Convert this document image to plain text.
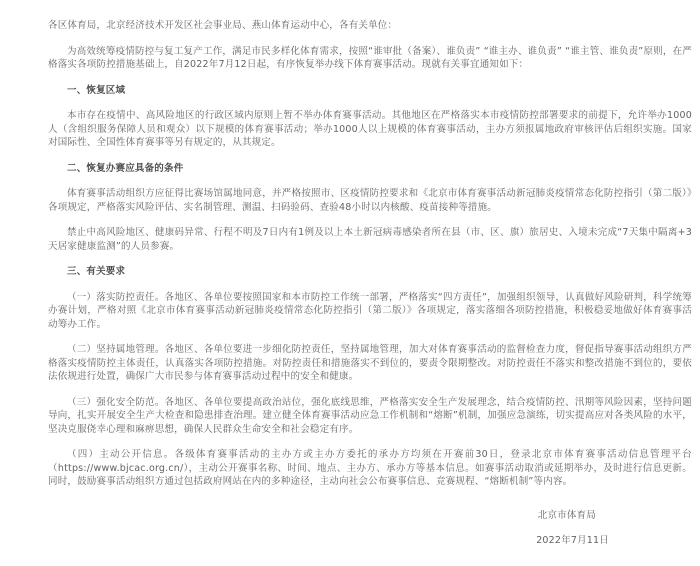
各区体育局，北京经济技术开发区社会事业局、燕山体育运动中心，各有关单位：

为高效统筹疫情防控与复工复产工作，满足市民多样化体育需求，按照“谁审批（备案）、谁负责” “谁主办、谁负责” “谁主管、谁负责”原则，在严格落实各项防控措施基础上，自2022年7月12日起，有序恢复举办线下体育赛事活动。现就有关事宜通知如下：

一、恢复区域

本市存在疫情中、高风险地区的行政区域内原则上暂不举办体育赛事活动。其他地区在严格落实本市疫情防控部署要求的前提下，允许举办1000人（含组织服务保障人员和观众）以下规模的体育赛事活动；举办1000人以上规模的体育赛事活动，主办方须报属地政府审核评估后组织实施。国家对国际性、全国性体育赛事等另有规定的，从其规定。

二、恢复办赛应具备的条件

体育赛事活动组织方应征得比赛场馆属地同意，并严格按照市、区疫情防控要求和《北京市体育赛事活动新冠肺炎疫情常态化防控指引（第二版）》各项规定，严格落实风险评估、实名制管理、测温、扫码验码、查验48小时以内核酸、疫苗接种等措施。

禁止中高风险地区、健康码异常、行程不明及7日内有1例及以上本土新冠病毒感染者所在县（市、区、旗）旅居史、入境未完成“7天集中隔离+3天居家健康监测”的人员参赛。

三、有关要求

（一）落实防控责任。各地区、各单位要按照国家和本市防控工作统一部署，严格落实“四方责任”，加强组织领导，认真做好风险研判，科学统筹办赛计划，严格对照《北京市体育赛事活动新冠肺炎疫情常态化防控指引（第二版）》各项规定，落实落细各项防控措施，积极稳妥地做好体育赛事活动筹办工作。

（二）坚持属地管理。各地区、各单位要进一步细化防控责任，坚持属地管理，加大对体育赛事活动的监督检查力度，督促指导赛事活动组织方严格落实疫情防控主体责任，认真落实各项防控措施。对防控责任和措施落实不到位的，要责令限期整改。对防控责任不落实和整改措施不到位的，要依法依规进行处置，确保广大市民参与体育赛事活动过程中的安全和健康。

（三）强化安全防范。各地区、各单位要提高政治站位，强化底线思维，严格落实安全生产发展理念，结合疫情防控、汛期等风险因素，坚持问题导向，扎实开展安全生产大检查和隐患排查治理。建立健全体育赛事活动应急工作机制和“熔断”机制，加强应急演练，切实提高应对各类风险的水平，坚决克服侥幸心理和麻痹思想，确保人民群众生命安全和社会稳定有序。

（四）主动公开信息。各级体育赛事活动的主办方或主办方委托的承办方均须在开赛前30日，登录北京市体育赛事活动信息管理平台（https://www.bjcac.org.cn/），主动公开赛事名称、时间、地点、主办方、承办方等基本信息。如赛事活动取消或延期举办，及时进行信息更新。同时，鼓励赛事活动组织方通过包括政府网站在内的多种途径，主动向社会公布赛事信息、竞赛规程、“熔断机制”等内容。

北京市体育局

2022年7月11日
